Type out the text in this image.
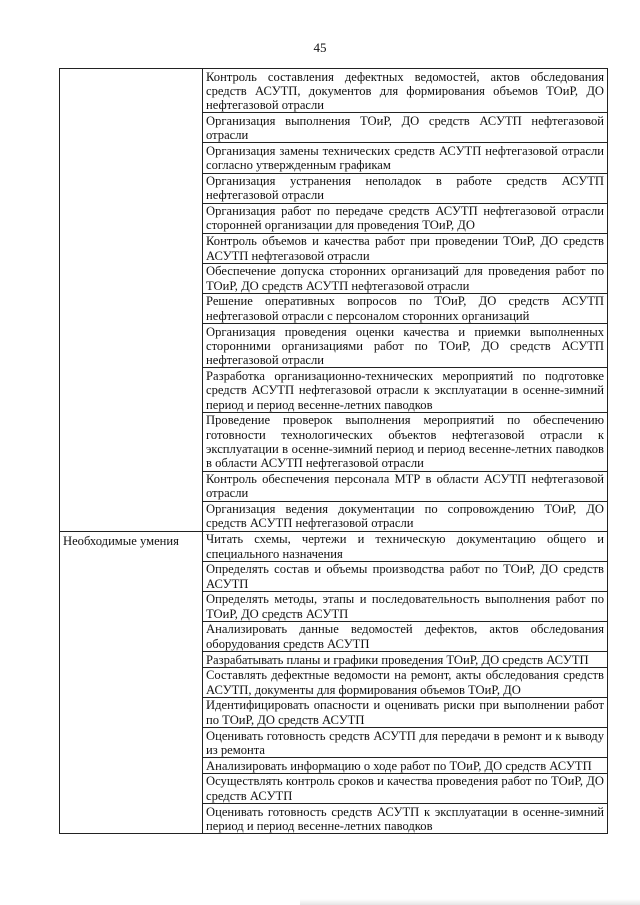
45
	Контроль составления дефектных ведомостей, актов обследования средств АСУТП, документов для формирования объемов ТОиР, ДО нефтегазовой отрасли
	Организация выполнения ТОиР, ДО средств АСУТП нефтегазовой отрасли
	Организация замены технических средств АСУТП нефтегазовой отрасли согласно утвержденным графикам
	Организация устранения неполадок в работе средств АСУТП нефтегазовой отрасли
	Организация работ по передаче средств АСУТП нефтегазовой отрасли сторонней организации для проведения ТОиР, ДО
	Контроль объемов и качества работ при проведении ТОиР, ДО средств АСУТП нефтегазовой отрасли
	Обеспечение допуска сторонних организаций для проведения работ по ТОиР, ДО средств АСУТП нефтегазовой отрасли
	Решение оперативных вопросов по ТОиР, ДО средств АСУТП нефтегазовой отрасли с персоналом сторонних организаций
	Организация проведения оценки качества и приемки выполненных сторонними организациями работ по ТОиР, ДО средств АСУТП нефтегазовой отрасли
	Разработка организационно-технических мероприятий по подготовке средств АСУТП нефтегазовой отрасли к эксплуатации в осенне-зимний период и период весенне-летних паводков
	Проведение проверок выполнения мероприятий по обеспечению готовности технологических объектов нефтегазовой отрасли к эксплуатации в осенне-зимний период и период весенне-летних паводков в области АСУТП нефтегазовой отрасли
	Контроль обеспечения персонала МТР в области АСУТП нефтегазовой отрасли
	Организация ведения документации по сопровождению ТОиР, ДО средств АСУТП нефтегазовой отрасли
Необходимые умения	Читать схемы, чертежи и техническую документацию общего и специального назначения
	Определять состав и объемы производства работ по ТОиР, ДО средств АСУТП
	Определять методы, этапы и последовательность выполнения работ по ТОиР, ДО средств АСУТП
	Анализировать данные ведомостей дефектов, актов обследования оборудования средств АСУТП
	Разрабатывать планы и графики проведения ТОиР, ДО средств АСУТП
	Составлять дефектные ведомости на ремонт, акты обследования средств АСУТП, документы для формирования объемов ТОиР, ДО
	Идентифицировать опасности и оценивать риски при выполнении работ по ТОиР, ДО средств АСУТП
	Оценивать готовность средств АСУТП для передачи в ремонт и к выводу из ремонта
	Анализировать информацию о ходе работ по ТОиР, ДО средств АСУТП
	Осуществлять контроль сроков и качества проведения работ по ТОиР, ДО средств АСУТП
	Оценивать готовность средств АСУТП к эксплуатации в осенне-зимний период и период весенне-летних паводков
